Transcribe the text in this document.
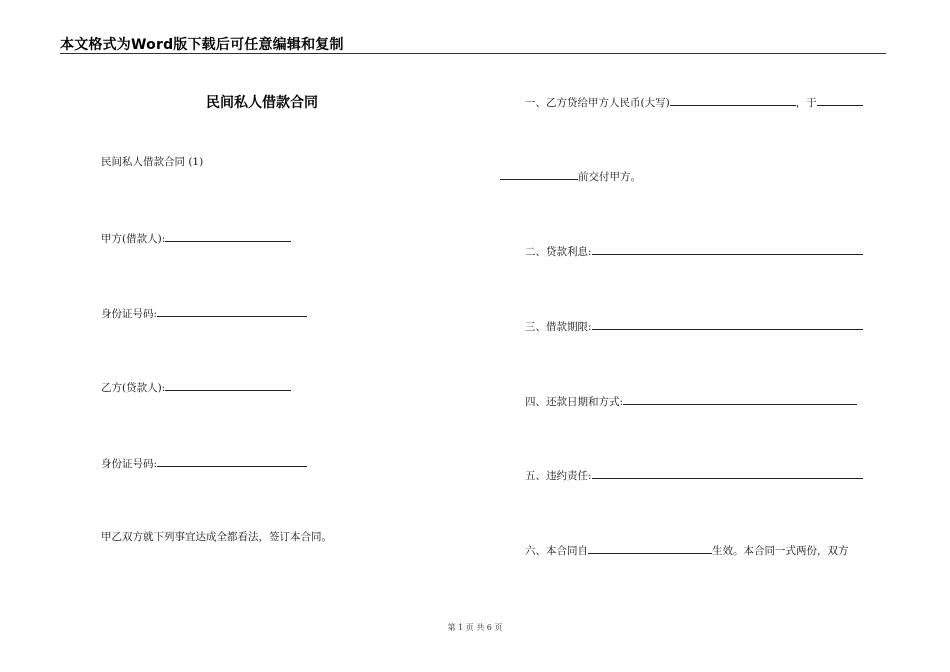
本文格式为Word版下载后可任意编辑和复制
民间私人借款合同
民间私人借款合同 (1)
甲方(借款人):
身份证号码:
乙方(贷款人):
身份证号码:
甲乙双方就下列事宜达成全都看法，签订本合同。
一、乙方贷给甲方人民币(大写)	，于
前交付甲方。
二、贷款利息:
三、借款期限:
四、还款日期和方式:
五、违约责任:
六、本合同自	生效。本合同一式两份，双方
第 1 页 共 6 页
